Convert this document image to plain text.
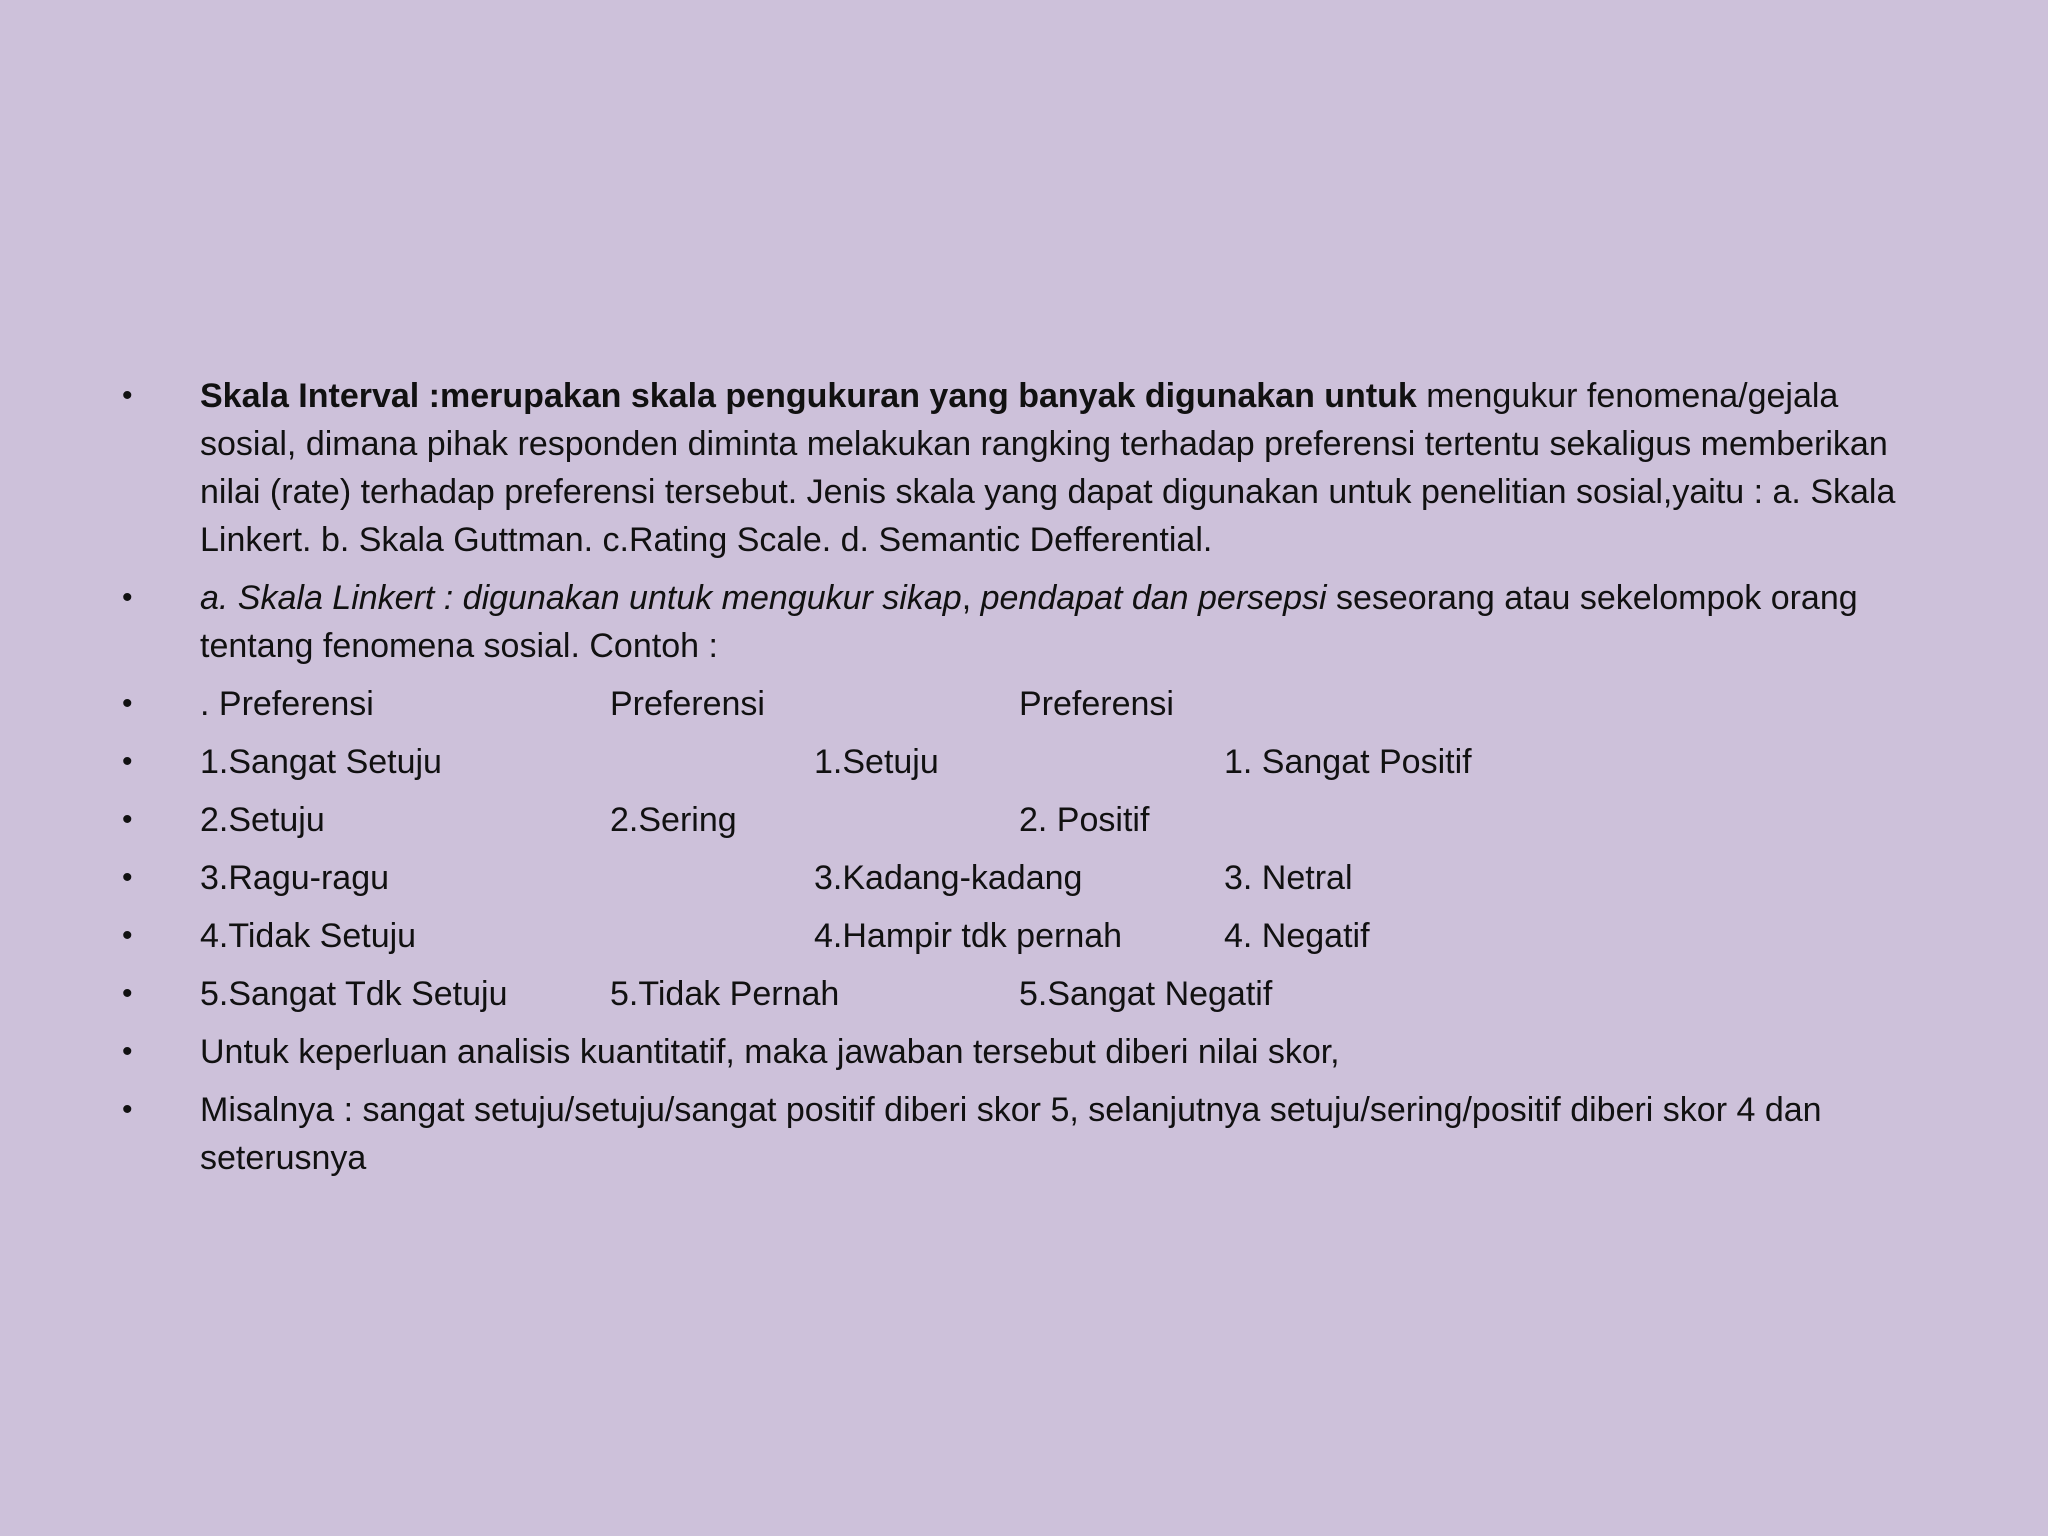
•	Skala Interval :merupakan skala pengukuran yang banyak digunakan untuk mengukur fenomena/gejala sosial, dimana pihak responden diminta melakukan rangking terhadap preferensi tertentu sekaligus memberikan nilai (rate) terhadap preferensi tersebut. Jenis skala yang dapat digunakan untuk penelitian sosial,yaitu : a. Skala Linkert. b. Skala Guttman. c.Rating Scale. d. Semantic Defferential.
•	a. Skala Linkert : digunakan untuk mengukur sikap, pendapat dan persepsi seseorang atau sekelompok orang tentang fenomena sosial. Contoh :
•	. Preferensi	Preferensi	Preferensi
•	1.Sangat Setuju	1.Setuju	1. Sangat Positif
•	2.Setuju	2.Sering	2. Positif
•	3.Ragu-ragu	3.Kadang-kadang	3. Netral
•	4.Tidak Setuju	4.Hampir tdk pernah	4. Negatif
•	5.Sangat Tdk Setuju	5.Tidak Pernah	5.Sangat Negatif
•	Untuk keperluan analisis kuantitatif, maka jawaban tersebut diberi nilai skor,
•	Misalnya : sangat setuju/setuju/sangat positif diberi skor 5, selanjutnya setuju/sering/positif diberi skor 4 dan seterusnya
